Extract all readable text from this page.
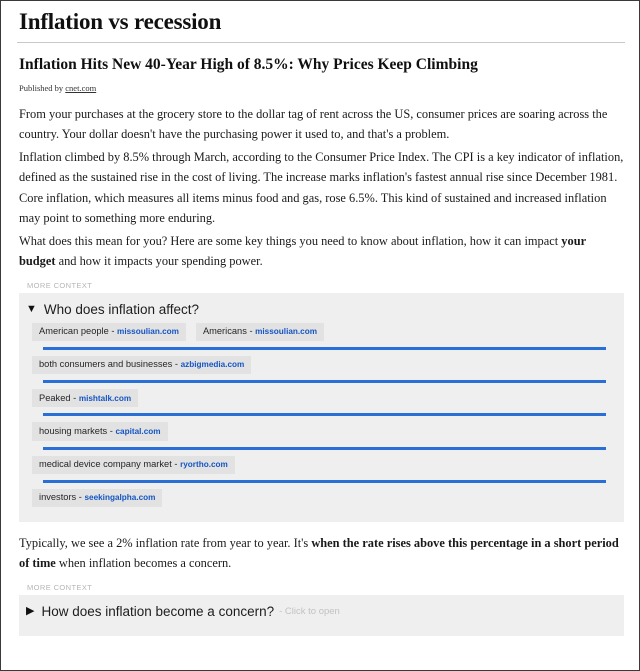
Inflation vs recession
Inflation Hits New 40-Year High of 8.5%: Why Prices Keep Climbing
Published by cnet.com
From your purchases at the grocery store to the dollar tag of rent across the US, consumer prices are soaring across the country. Your dollar doesn't have the purchasing power it used to, and that's a problem.
Inflation climbed by 8.5% through March, according to the Consumer Price Index. The CPI is a key indicator of inflation, defined as the sustained rise in the cost of living. The increase marks inflation's fastest annual rise since December 1981. Core inflation, which measures all items minus food and gas, rose 6.5%. This kind of sustained and increased inflation may point to something more enduring.
What does this mean for you? Here are some key things you need to know about inflation, how it can impact your budget and how it impacts your spending power.
MORE CONTEXT
▼ Who does inflation affect?
American people - missoulian.com	Americans - missoulian.com
both consumers and businesses - azbigmedia.com
Peaked - mishtalk.com
housing markets - capital.com
medical device company market - ryortho.com
investors - seekingalpha.com
Typically, we see a 2% inflation rate from year to year. It's when the rate rises above this percentage in a short period of time when inflation becomes a concern.
MORE CONTEXT
▶ How does inflation become a concern? - Click to open
